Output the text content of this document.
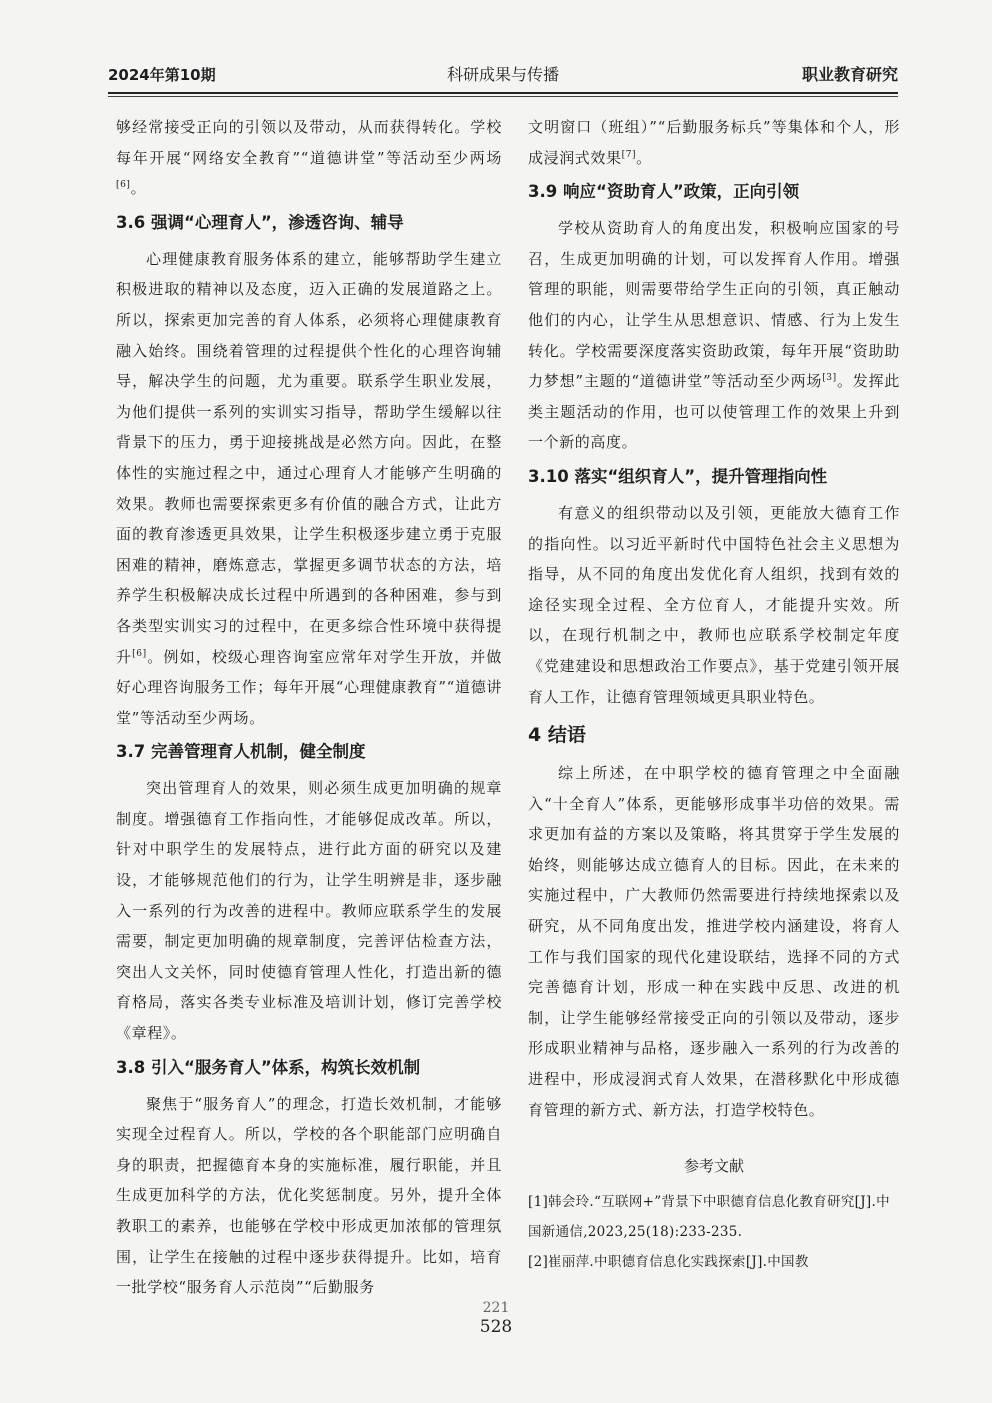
2024年第10期	科研成果与传播	职业教育研究

够经常接受正向的引领以及带动，从而获得转化。学校每年开展“网络安全教育”“道德讲堂”等活动至少两场[6]。

3.6 强调“心理育人”，渗透咨询、辅导

心理健康教育服务体系的建立，能够帮助学生建立积极进取的精神以及态度，迈入正确的发展道路之上。所以，探索更加完善的育人体系，必须将心理健康教育融入始终。围绕着管理的过程提供个性化的心理咨询辅导，解决学生的问题，尤为重要。联系学生职业发展，为他们提供一系列的实训实习指导，帮助学生缓解以往背景下的压力，勇于迎接挑战是必然方向。因此，在整体性的实施过程之中，通过心理育人才能够产生明确的效果。教师也需要探索更多有价值的融合方式，让此方面的教育渗透更具效果，让学生积极逐步建立勇于克服困难的精神，磨炼意志，掌握更多调节状态的方法，培养学生积极解决成长过程中所遇到的各种困难，参与到各类型实训实习的过程中，在更多综合性环境中获得提升[6]。例如，校级心理咨询室应常年对学生开放，并做好心理咨询服务工作；每年开展“心理健康教育”“道德讲堂”等活动至少两场。

3.7 完善管理育人机制，健全制度

突出管理育人的效果，则必须生成更加明确的规章制度。增强德育工作指向性，才能够促成改革。所以，针对中职学生的发展特点，进行此方面的研究以及建设，才能够规范他们的行为，让学生明辨是非，逐步融入一系列的行为改善的进程中。教师应联系学生的发展需要，制定更加明确的规章制度，完善评估检查方法，突出人文关怀，同时使德育管理人性化，打造出新的德育格局，落实各类专业标准及培训计划，修订完善学校《章程》。

3.8 引入“服务育人”体系，构筑长效机制

聚焦于“服务育人”的理念，打造长效机制，才能够实现全过程育人。所以，学校的各个职能部门应明确自身的职责，把握德育本身的实施标准，履行职能，并且生成更加科学的方法，优化奖惩制度。另外，提升全体教职工的素养，也能够在学校中形成更加浓郁的管理氛围，让学生在接触的过程中逐步获得提升。比如，培育一批学校“服务育人示范岗”“后勤服务

文明窗口（班组）”“后勤服务标兵”等集体和个人，形成浸润式效果[7]。

3.9 响应“资助育人”政策，正向引领

学校从资助育人的角度出发，积极响应国家的号召，生成更加明确的计划，可以发挥育人作用。增强管理的职能，则需要带给学生正向的引领，真正触动他们的内心，让学生从思想意识、情感、行为上发生转化。学校需要深度落实资助政策，每年开展“资助助力梦想”主题的“道德讲堂”等活动至少两场[3]。发挥此类主题活动的作用，也可以使管理工作的效果上升到一个新的高度。

3.10 落实“组织育人”，提升管理指向性

有意义的组织带动以及引领，更能放大德育工作的指向性。以习近平新时代中国特色社会主义思想为指导，从不同的角度出发优化育人组织，找到有效的途径实现全过程、全方位育人，才能提升实效。所以，在现行机制之中，教师也应联系学校制定年度《党建建设和思想政治工作要点》，基于党建引领开展育人工作，让德育管理领域更具职业特色。

4 结语

综上所述，在中职学校的德育管理之中全面融入“十全育人”体系，更能够形成事半功倍的效果。需求更加有益的方案以及策略，将其贯穿于学生发展的始终，则能够达成立德育人的目标。因此，在未来的实施过程中，广大教师仍然需要进行持续地探索以及研究，从不同角度出发，推进学校内涵建设，将育人工作与我们国家的现代化建设联结，选择不同的方式完善德育计划，形成一种在实践中反思、改进的机制，让学生能够经常接受正向的引领以及带动，逐步形成职业精神与品格，逐步融入一系列的行为改善的进程中，形成浸润式育人效果，在潜移默化中形成德育管理的新方式、新方法，打造学校特色。

参考文献
[1]韩会玲.“互联网+”背景下中职德育信息化教育研究[J].中国新通信,2023,25(18):233-235.
[2]崔丽萍.中职德育信息化实践探索[J].中国教
221
528
